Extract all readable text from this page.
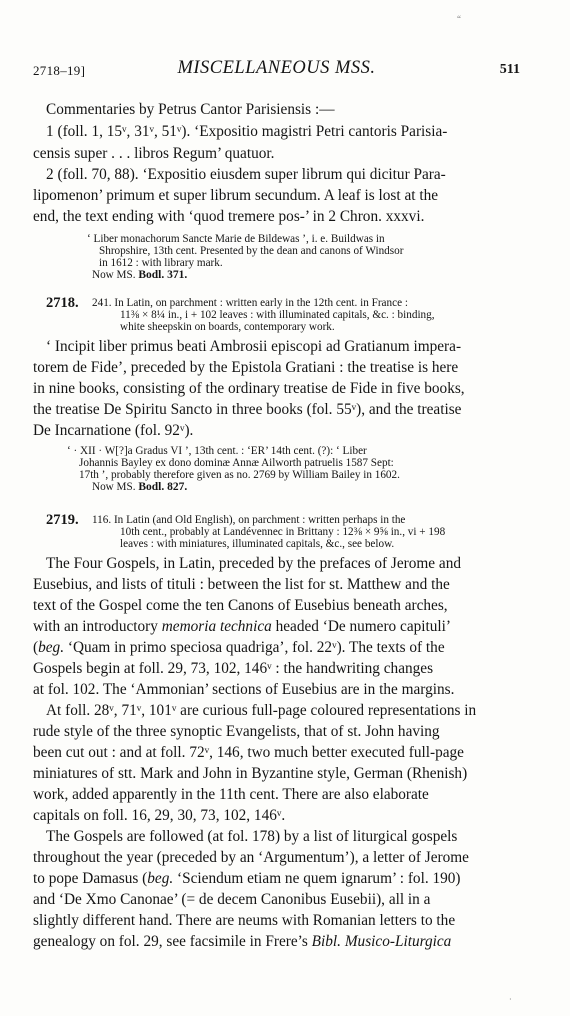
“
2718–19]	MISCELLANEOUS MSS.	511
Commentaries by Petrus Cantor Parisiensis :—
1 (foll. 1, 15ᵛ, 31ᵛ, 51ᵛ). ‘Expositio magistri Petri cantoris Parisia-
censis super . . . libros Regum’ quatuor.
2 (foll. 70, 88). ‘Expositio eiusdem super librum qui dicitur Para-
lipomenon’ primum et super librum secundum. A leaf is lost at the
end, the text ending with ‘quod tremere pos-’ in 2 Chron. xxxvi.
‘ Liber monachorum Sancte Marie de Bildewas ’, i. e. Buildwas in
Shropshire, 13th cent. Presented by the dean and canons of Windsor
in 1612 : with library mark.
Now MS. Bodl. 371.
2718. 241. In Latin, on parchment : written early in the 12th cent. in France :
11⅜ × 8¼ in., i + 102 leaves : with illuminated capitals, &c. : binding,
white sheepskin on boards, contemporary work.
‘ Incipit liber primus beati Ambrosii episcopi ad Gratianum impera-
torem de Fide’, preceded by the Epistola Gratiani : the treatise is here
in nine books, consisting of the ordinary treatise de Fide in five books,
the treatise De Spiritu Sancto in three books (fol. 55ᵛ), and the treatise
De Incarnatione (fol. 92ᵛ).
‘ · XII · W[?]a Gradus VI ’, 13th cent. : ‘ER’ 14th cent. (?): ‘ Liber
Johannis Bayley ex dono dominæ Annæ Ailworth patruelis 1587 Sept:
17th ’, probably therefore given as no. 2769 by William Bailey in 1602.
Now MS. Bodl. 827.
2719. 116. In Latin (and Old English), on parchment : written perhaps in the
10th cent., probably at Landévennec in Brittany : 12⅜ × 9⅝ in., vi + 198
leaves : with miniatures, illuminated capitals, &c., see below.
The Four Gospels, in Latin, preceded by the prefaces of Jerome and
Eusebius, and lists of tituli : between the list for st. Matthew and the
text of the Gospel come the ten Canons of Eusebius beneath arches,
with an introductory memoria technica headed ‘De numero capituli’
(beg. ‘Quam in primo speciosa quadriga’, fol. 22ᵛ). The texts of the
Gospels begin at foll. 29, 73, 102, 146ᵛ : the handwriting changes
at fol. 102. The ‘Ammonian’ sections of Eusebius are in the margins.
At foll. 28ᵛ, 71ᵛ, 101ᵛ are curious full-page coloured representations in
rude style of the three synoptic Evangelists, that of st. John having
been cut out : and at foll. 72ᵛ, 146, two much better executed full-page
miniatures of stt. Mark and John in Byzantine style, German (Rhenish)
work, added apparently in the 11th cent. There are also elaborate
capitals on foll. 16, 29, 30, 73, 102, 146ᵛ.
The Gospels are followed (at fol. 178) by a list of liturgical gospels
throughout the year (preceded by an ‘Argumentum’), a letter of Jerome
to pope Damasus (beg. ‘Sciendum etiam ne quem ignarum’ : fol. 190)
and ‘De Xmo Canonae’ (= de decem Canonibus Eusebii), all in a
slightly different hand. There are neums with Romanian letters to the
genealogy on fol. 29, see facsimile in Frere’s Bibl. Musico-Liturgica
·
